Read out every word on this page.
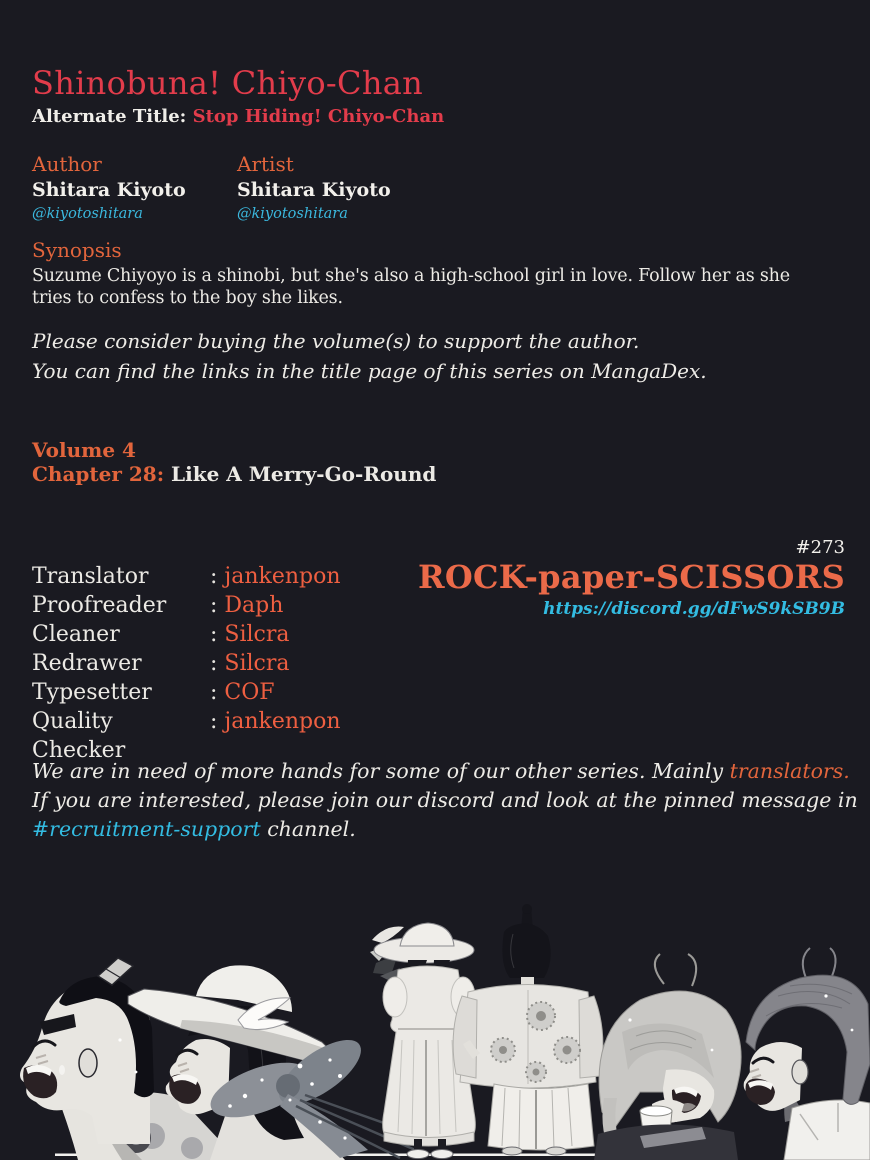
Shinobuna! Chiyo-Chan
Alternate Title: Stop Hiding! Chiyo-Chan
Author
Shitara Kiyoto
@kiyotoshitara
Artist
Shitara Kiyoto
@kiyotoshitara
Synopsis
Suzume Chiyoyo is a shinobi, but she's also a high-school girl in love. Follow her as she tries to confess to the boy she likes.
Please consider buying the volume(s) to support the author.
You can find the links in the title page of this series on MangaDex.
Volume 4
Chapter 28: Like A Merry-Go-Round
Translator	: jankenpon
Proofreader	: Daph
Cleaner	: Silcra
Redrawer	: Silcra
Typesetter	: COF
Quality Checker
: jankenpon
#273
ROCK-paper-SCISSORS
https://discord.gg/dFwS9kSB9B
We are in need of more hands for some of our other series. Mainly translators.
If you are interested, please join our discord and look at the pinned message in
#recruitment-support channel.
